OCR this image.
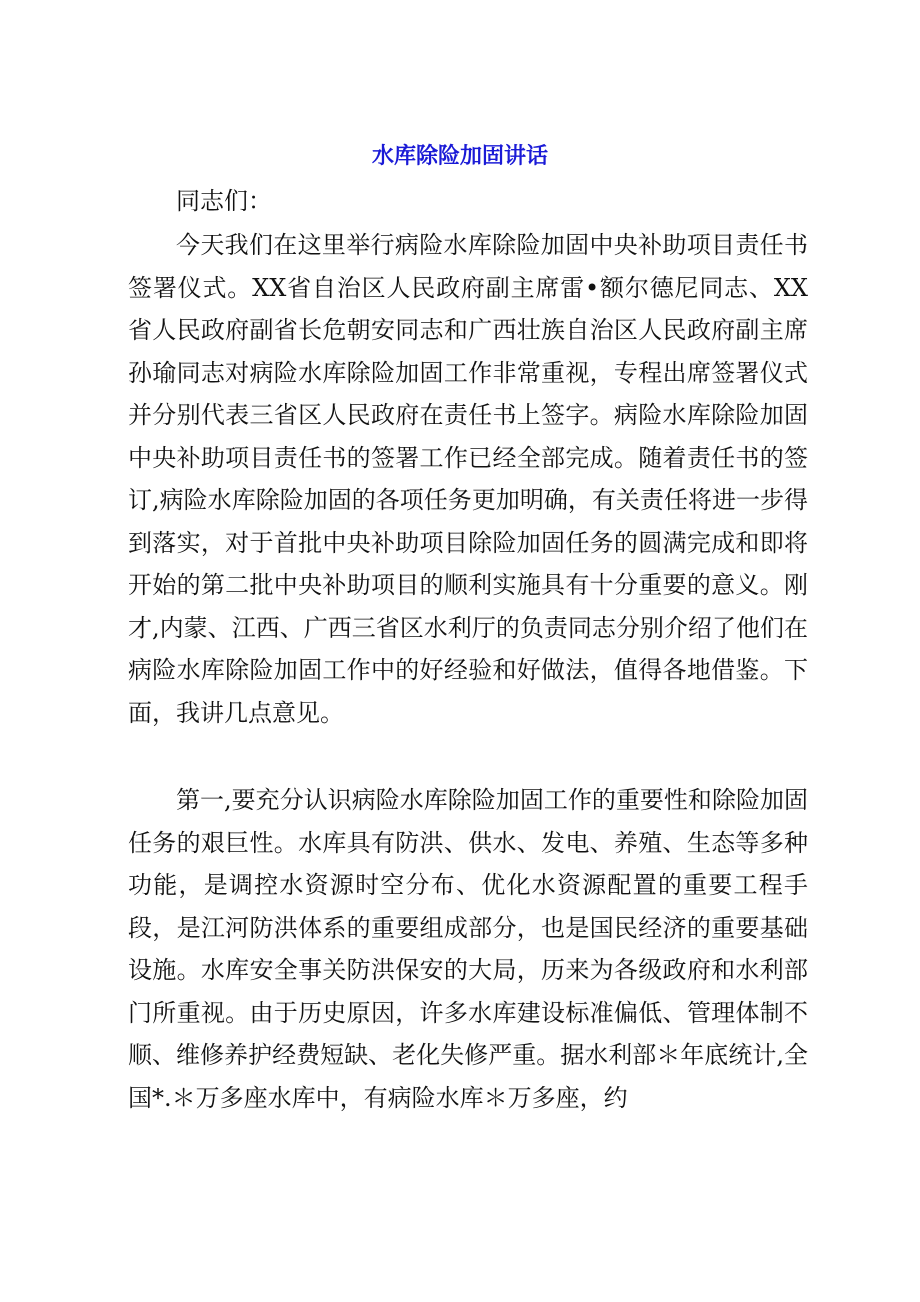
水库除险加固讲话
同志们：

今天我们在这里举行病险水库除险加固中央补助项目责任书签署仪式。XX省自治区人民政府副主席雷•额尔德尼同志、XX省人民政府副省长危朝安同志和广西壮族自治区人民政府副主席孙瑜同志对病险水库除险加固工作非常重视，专程出席签署仪式并分别代表三省区人民政府在责任书上签字。病险水库除险加固中央补助项目责任书的签署工作已经全部完成。随着责任书的签订,病险水库除险加固的各项任务更加明确，有关责任将进一步得到落实，对于首批中央补助项目除险加固任务的圆满完成和即将开始的第二批中央补助项目的顺利实施具有十分重要的意义。刚才,内蒙、江西、广西三省区水利厅的负责同志分别介绍了他们在病险水库除险加固工作中的好经验和好做法，值得各地借鉴。下面，我讲几点意见。

第一,要充分认识病险水库除险加固工作的重要性和除险加固任务的艰巨性。水库具有防洪、供水、发电、养殖、生态等多种功能，是调控水资源时空分布、优化水资源配置的重要工程手段，是江河防洪体系的重要组成部分，也是国民经济的重要基础设施。水库安全事关防洪保安的大局，历来为各级政府和水利部门所重视。由于历史原因，许多水库建设标准偏低、管理体制不顺、维修养护经费短缺、老化失修严重。据水利部＊年底统计,全国*.＊万多座水库中，有病险水库＊万多座，约
